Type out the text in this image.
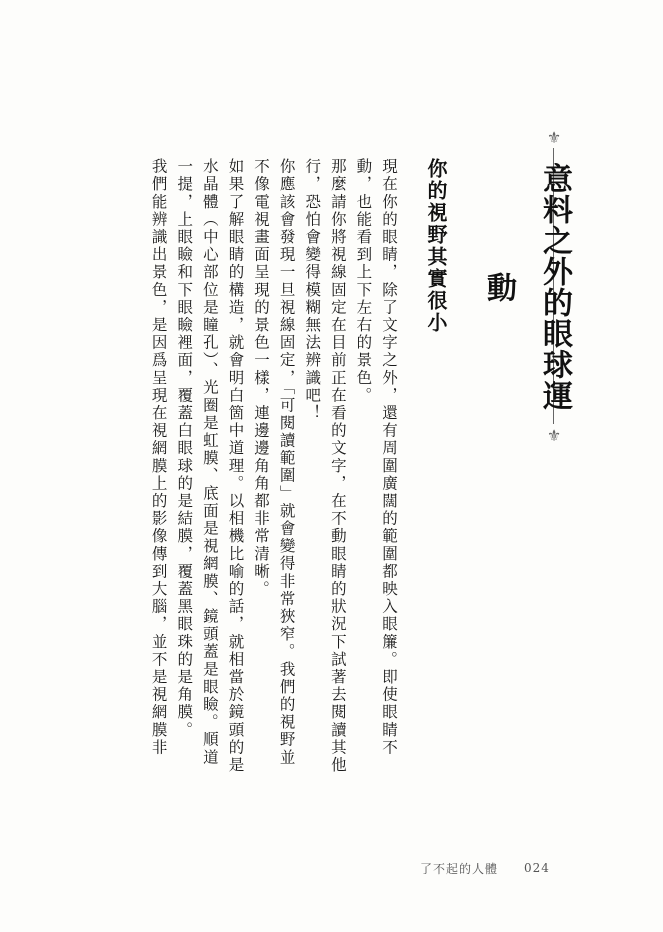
⚜
意料之外的眼球運動
⚜
你的視野其實很小

現在你的眼睛，除了文字之外，還有周圍廣闊的範圍都映入眼簾。即使眼睛不動，也能看到上下左右的景色。

那麼請你將視線固定在目前正在看的文字，在不動眼睛的狀況下試著去閱讀其他行，恐怕會變得模糊無法辨識吧！

你應該會發現一旦視線固定，「可閱讀範圍」就會變得非常狹窄。我們的視野並不像電視畫面呈現的景色一樣，連邊邊角角都非常清晰。

如果了解眼睛的構造，就會明白箇中道理。以相機比喻的話，就相當於鏡頭的是水晶體（中心部位是瞳孔）、光圈是虹膜、底面是視網膜、鏡頭蓋是眼瞼。順道一提，上眼瞼和下眼瞼裡面，覆蓋白眼球的是結膜，覆蓋黑眼珠的是角膜。

我們能辨識出景色，是因爲呈現在視網膜上的影像傳到大腦，並不是視網膜非

了不起的人體 024
